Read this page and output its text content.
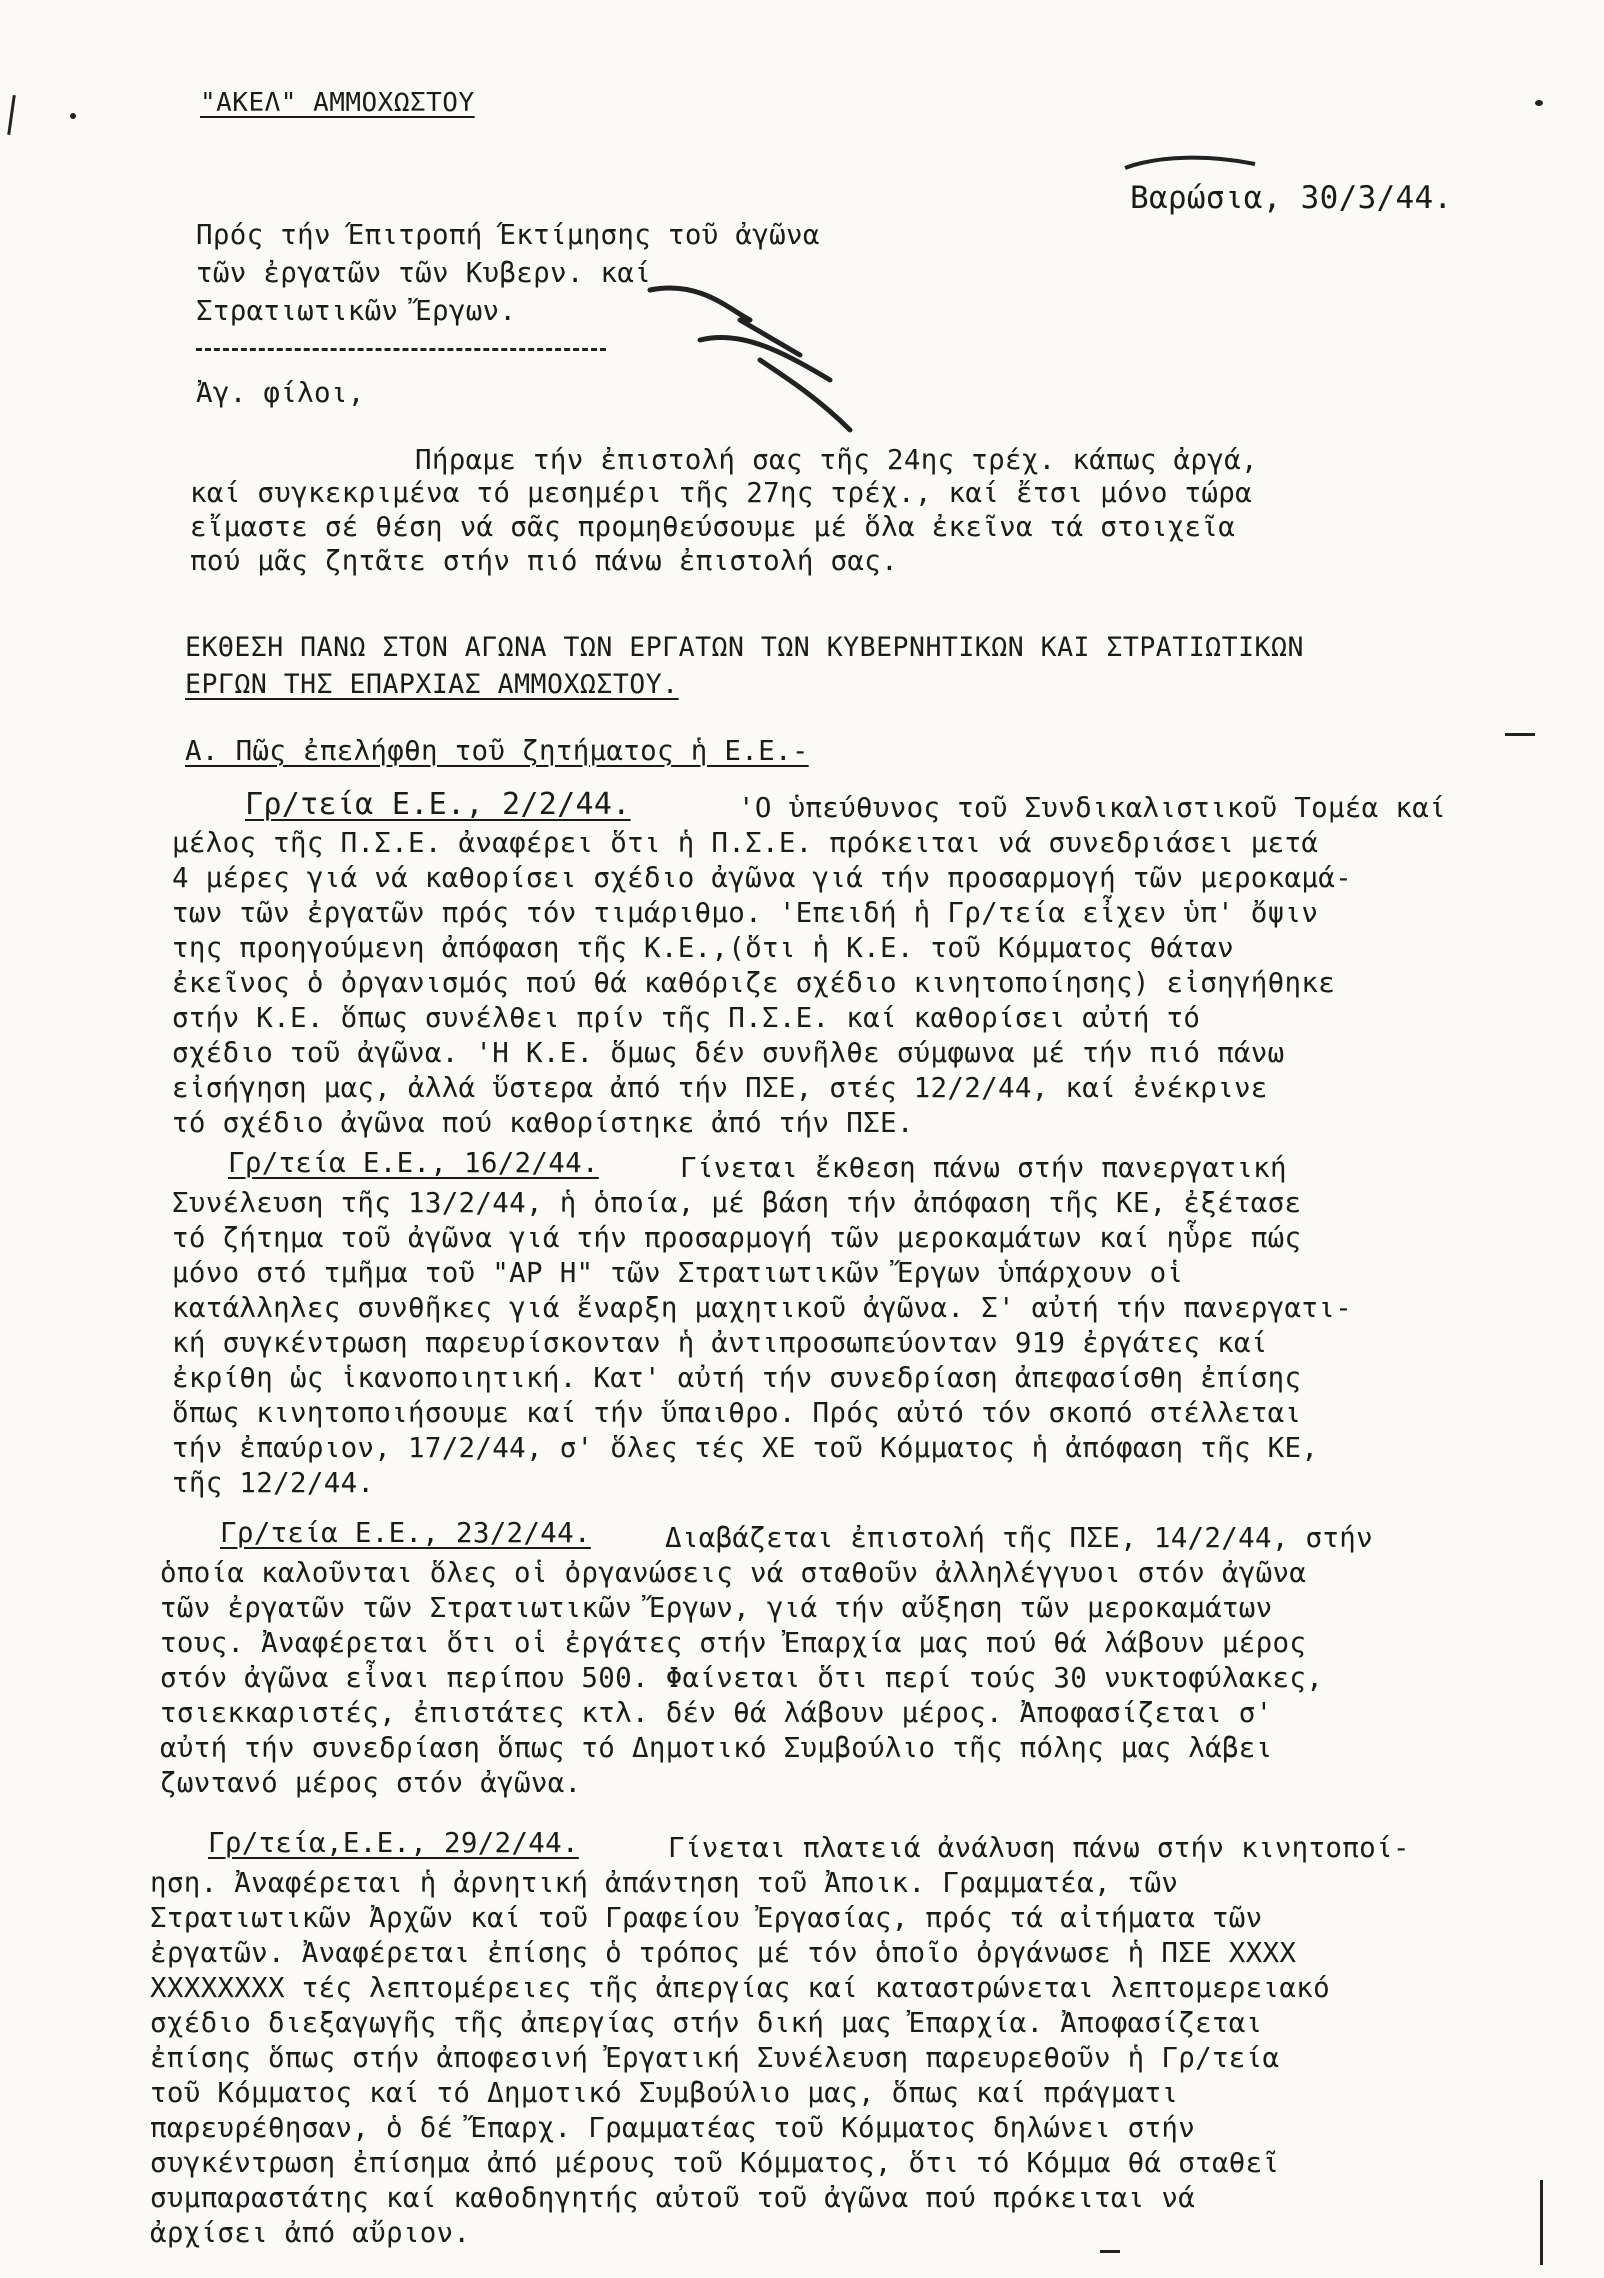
"ΑΚΕΛ" ΑΜΜΟΧΩΣΤΟΥ
Βαρώσια, 30/3/44.
Πρός τήν Έπιτροπή Έκτίμησης τοῦ ἀγῶνα
τῶν ἐργατῶν τῶν Κυβερν. καί
Στρατιωτικῶν Ἔργων.
Ἀγ. φίλοι,
Πήραμε τήν ἐπιστολή σας τῆς 24ης τρέχ. κάπως ἀργά,
καί συγκεκριμένα τό μεσημέρι τῆς 27ης τρέχ., καί ἔτσι μόνο τώρα
εἴμαστε σέ θέση νά σᾶς προμηθεύσουμε μέ ὅλα ἐκεῖνα τά στοιχεῖα
πού μᾶς ζητᾶτε στήν πιό πάνω ἐπιστολή σας.
ΕΚΘΕΣΗ ΠΑΝΩ ΣΤΟΝ ΑΓΩΝΑ ΤΩΝ ΕΡΓΑΤΩΝ ΤΩΝ ΚΥΒΕΡΝΗΤΙΚΩΝ ΚΑΙ ΣΤΡΑΤΙΩΤΙΚΩΝ
ΕΡΓΩΝ ΤΗΣ ΕΠΑΡΧΙΑΣ ΑΜΜΟΧΩΣΤΟΥ.
Α. Πῶς ἐπελήφθη τοῦ ζητήματος ἡ Ε.Ε.-
Γρ/τεία Ε.Ε., 2/2/44.	'Ο ὑπεύθυνος τοῦ Συνδικαλιστικοῦ Τομέα καί
μέλος τῆς Π.Σ.Ε. ἀναφέρει ὅτι ἡ Π.Σ.Ε. πρόκειται νά συνεδριάσει μετά
4 μέρες γιά νά καθορίσει σχέδιο ἀγῶνα γιά τήν προσαρμογή τῶν μεροκαμά-
των τῶν ἐργατῶν πρός τόν τιμάριθμο. 'Επειδή ἡ Γρ/τεία εἶχεν ὑπ' ὄψιν
της προηγούμενη ἀπόφαση τῆς Κ.Ε.,(ὅτι ἡ Κ.Ε. τοῦ Κόμματος θάταν
ἐκεῖνος ὁ ὀργανισμός πού θά καθόριζε σχέδιο κινητοποίησης) εἰσηγήθηκε
στήν Κ.Ε. ὅπως συνέλθει πρίν τῆς Π.Σ.Ε. καί καθορίσει αὐτή τό
σχέδιο τοῦ ἀγῶνα. 'Η Κ.Ε. ὅμως δέν συνῆλθε σύμφωνα μέ τήν πιό πάνω
εἰσήγηση μας, ἀλλά ὕστερα ἀπό τήν ΠΣΕ, στές 12/2/44, καί ἐνέκρινε
τό σχέδιο ἀγῶνα πού καθορίστηκε ἀπό τήν ΠΣΕ.
Γρ/τεία Ε.Ε., 16/2/44.	Γίνεται ἔκθεση πάνω στήν πανεργατική
Συνέλευση τῆς 13/2/44, ἡ ὁποία, μέ βάση τήν ἀπόφαση τῆς ΚΕ, ἐξέτασε
τό ζήτημα τοῦ ἀγῶνα γιά τήν προσαρμογή τῶν μεροκαμάτων καί ηὗρε πώς
μόνο στό τμῆμα τοῦ "ΑΡ Η" τῶν Στρατιωτικῶν Ἔργων ὑπάρχουν οἱ
κατάλληλες συνθῆκες γιά ἔναρξη μαχητικοῦ ἀγῶνα. Σ' αὐτή τήν πανεργατι-
κή συγκέντρωση παρευρίσκονταν ἡ ἀντιπροσωπεύονταν 919 ἐργάτες καί
ἐκρίθη ὡς ἱκανοποιητική. Κατ' αὐτή τήν συνεδρίαση ἀπεφασίσθη ἐπίσης
ὅπως κινητοποιήσουμε καί τήν ὕπαιθρο. Πρός αὐτό τόν σκοπό στέλλεται
τήν ἐπαύριον, 17/2/44, σ' ὅλες τές ΧΕ τοῦ Κόμματος ἡ ἀπόφαση τῆς ΚΕ,
τῆς 12/2/44.
Γρ/τεία Ε.Ε., 23/2/44.	Διαβάζεται ἐπιστολή τῆς ΠΣΕ, 14/2/44, στήν
ὁποία καλοῦνται ὅλες οἱ ὀργανώσεις νά σταθοῦν ἀλληλέγγυοι στόν ἀγῶνα
τῶν ἐργατῶν τῶν Στρατιωτικῶν Ἔργων, γιά τήν αὔξηση τῶν μεροκαμάτων
τους. Ἀναφέρεται ὅτι οἱ ἐργάτες στήν Ἐπαρχία μας πού θά λάβουν μέρος
στόν ἀγῶνα εἶναι περίπου 500. Φαίνεται ὅτι περί τούς 30 νυκτοφύλακες,
τσιεκκαριστές, ἐπιστάτες κτλ. δέν θά λάβουν μέρος. Ἀποφασίζεται σ'
αὐτή τήν συνεδρίαση ὅπως τό Δημοτικό Συμβούλιο τῆς πόλης μας λάβει
ζωντανό μέρος στόν ἀγῶνα.
Γρ/τεία,Ε.Ε., 29/2/44.	Γίνεται πλατειά ἀνάλυση πάνω στήν κινητοποί-
ηση. Ἀναφέρεται ἡ ἀρνητική ἀπάντηση τοῦ Ἀποικ. Γραμματέα, τῶν
Στρατιωτικῶν Ἀρχῶν καί τοῦ Γραφείου Ἐργασίας, πρός τά αἰτήματα τῶν
ἐργατῶν. Ἀναφέρεται ἐπίσης ὁ τρόπος μέ τόν ὁποῖο ὀργάνωσε ἡ ΠΣΕ ΧΧΧΧ
ΧΧΧΧΧΧΧΧ τές λεπτομέρειες τῆς ἀπεργίας καί καταστρώνεται λεπτομερειακό
σχέδιο διεξαγωγῆς τῆς ἀπεργίας στήν δική μας Ἐπαρχία. Ἀποφασίζεται
ἐπίσης ὅπως στήν ἀποφεσινή Ἐργατική Συνέλευση παρευρεθοῦν ἡ Γρ/τεία
τοῦ Κόμματος καί τό Δημοτικό Συμβούλιο μας, ὅπως καί πράγματι
παρευρέθησαν, ὁ δέ Ἔπαρχ. Γραμματέας τοῦ Κόμματος δηλώνει στήν
συγκέντρωση ἐπίσημα ἀπό μέρους τοῦ Κόμματος, ὅτι τό Κόμμα θά σταθεῖ
συμπαραστάτης καί καθοδηγητής αὐτοῦ τοῦ ἀγῶνα πού πρόκειται νά
ἀρχίσει ἀπό αὔριον.
